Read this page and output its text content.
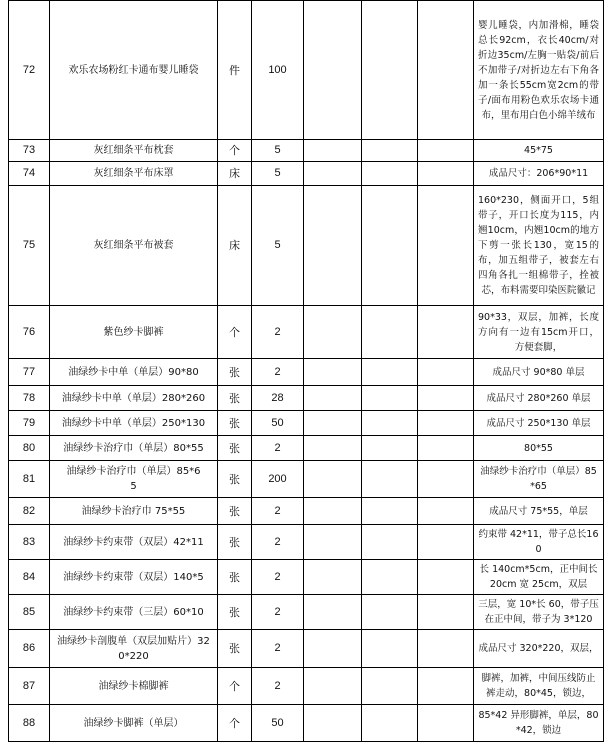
72	欢乐农场粉红卡通布婴儿睡袋	件	100				婴儿睡袋，内加滑棉，睡袋总长92cm，衣长40cm/对折边35cm/左胸一贴袋/前后不加带子/对折边左右下角各加一条长55cm宽2cm的带子/面布用粉色欢乐农场卡通布，里布用白色小绵羊绒布
73	灰红细条平布枕套	个	5				45*75
74	灰红细条平布床罩	床	5				成品尺寸：206*90*11
75	灰红细条平布被套	床	5				160*230，侧面开口，5组带子，开口长度为115，内翘10cm，内翘10cm的地方下剪一张长130，宽15的布，加五组带子，被套左右四角各扎一组棉带子，拴被芯，布料需要印染医院徽记
76	紫色纱卡脚裤	个	2				90*33，双层，加裤，长度方向有一边有15cm开口，方便套脚，
77	油绿纱卡中单（单层）90*80	张	2				成品尺寸 90*80 单层
78	油绿纱卡中单（单层）280*260	张	28				成品尺寸 280*260 单层
79	油绿纱卡中单（单层）250*130	张	50				成品尺寸 250*130 单层
80	油绿纱卡治疗巾（单层）80*55	张	2				80*55
81	油绿纱卡治疗巾（单层）85*65	张	200				油绿纱卡治疗巾（单层）85*65
82	油绿纱卡治疗巾 75*55	张	2				成品尺寸 75*55，单层
83	油绿纱卡约束带（双层）42*11	张	2				约束带 42*11，带子总长160
84	油绿纱卡约束带（双层）140*5	张	2				长 140cm*5cm，正中间长20cm 宽 25cm，双层
85	油绿纱卡约束带（三层）60*10	张	2				三层，宽 10*长 60，带子压在正中间，带子为 3*120
86	油绿纱卡剖腹单（双层加贴片）320*220	张	2				成品尺寸 320*220，双层，
87	油绿纱卡棉脚裤	个	2				脚裤，加裤，中间压线防止裤走动，80*45，锁边，
88	油绿纱卡脚裤（单层）	个	50				85*42 异形脚裤，单层，80*42，锁边
